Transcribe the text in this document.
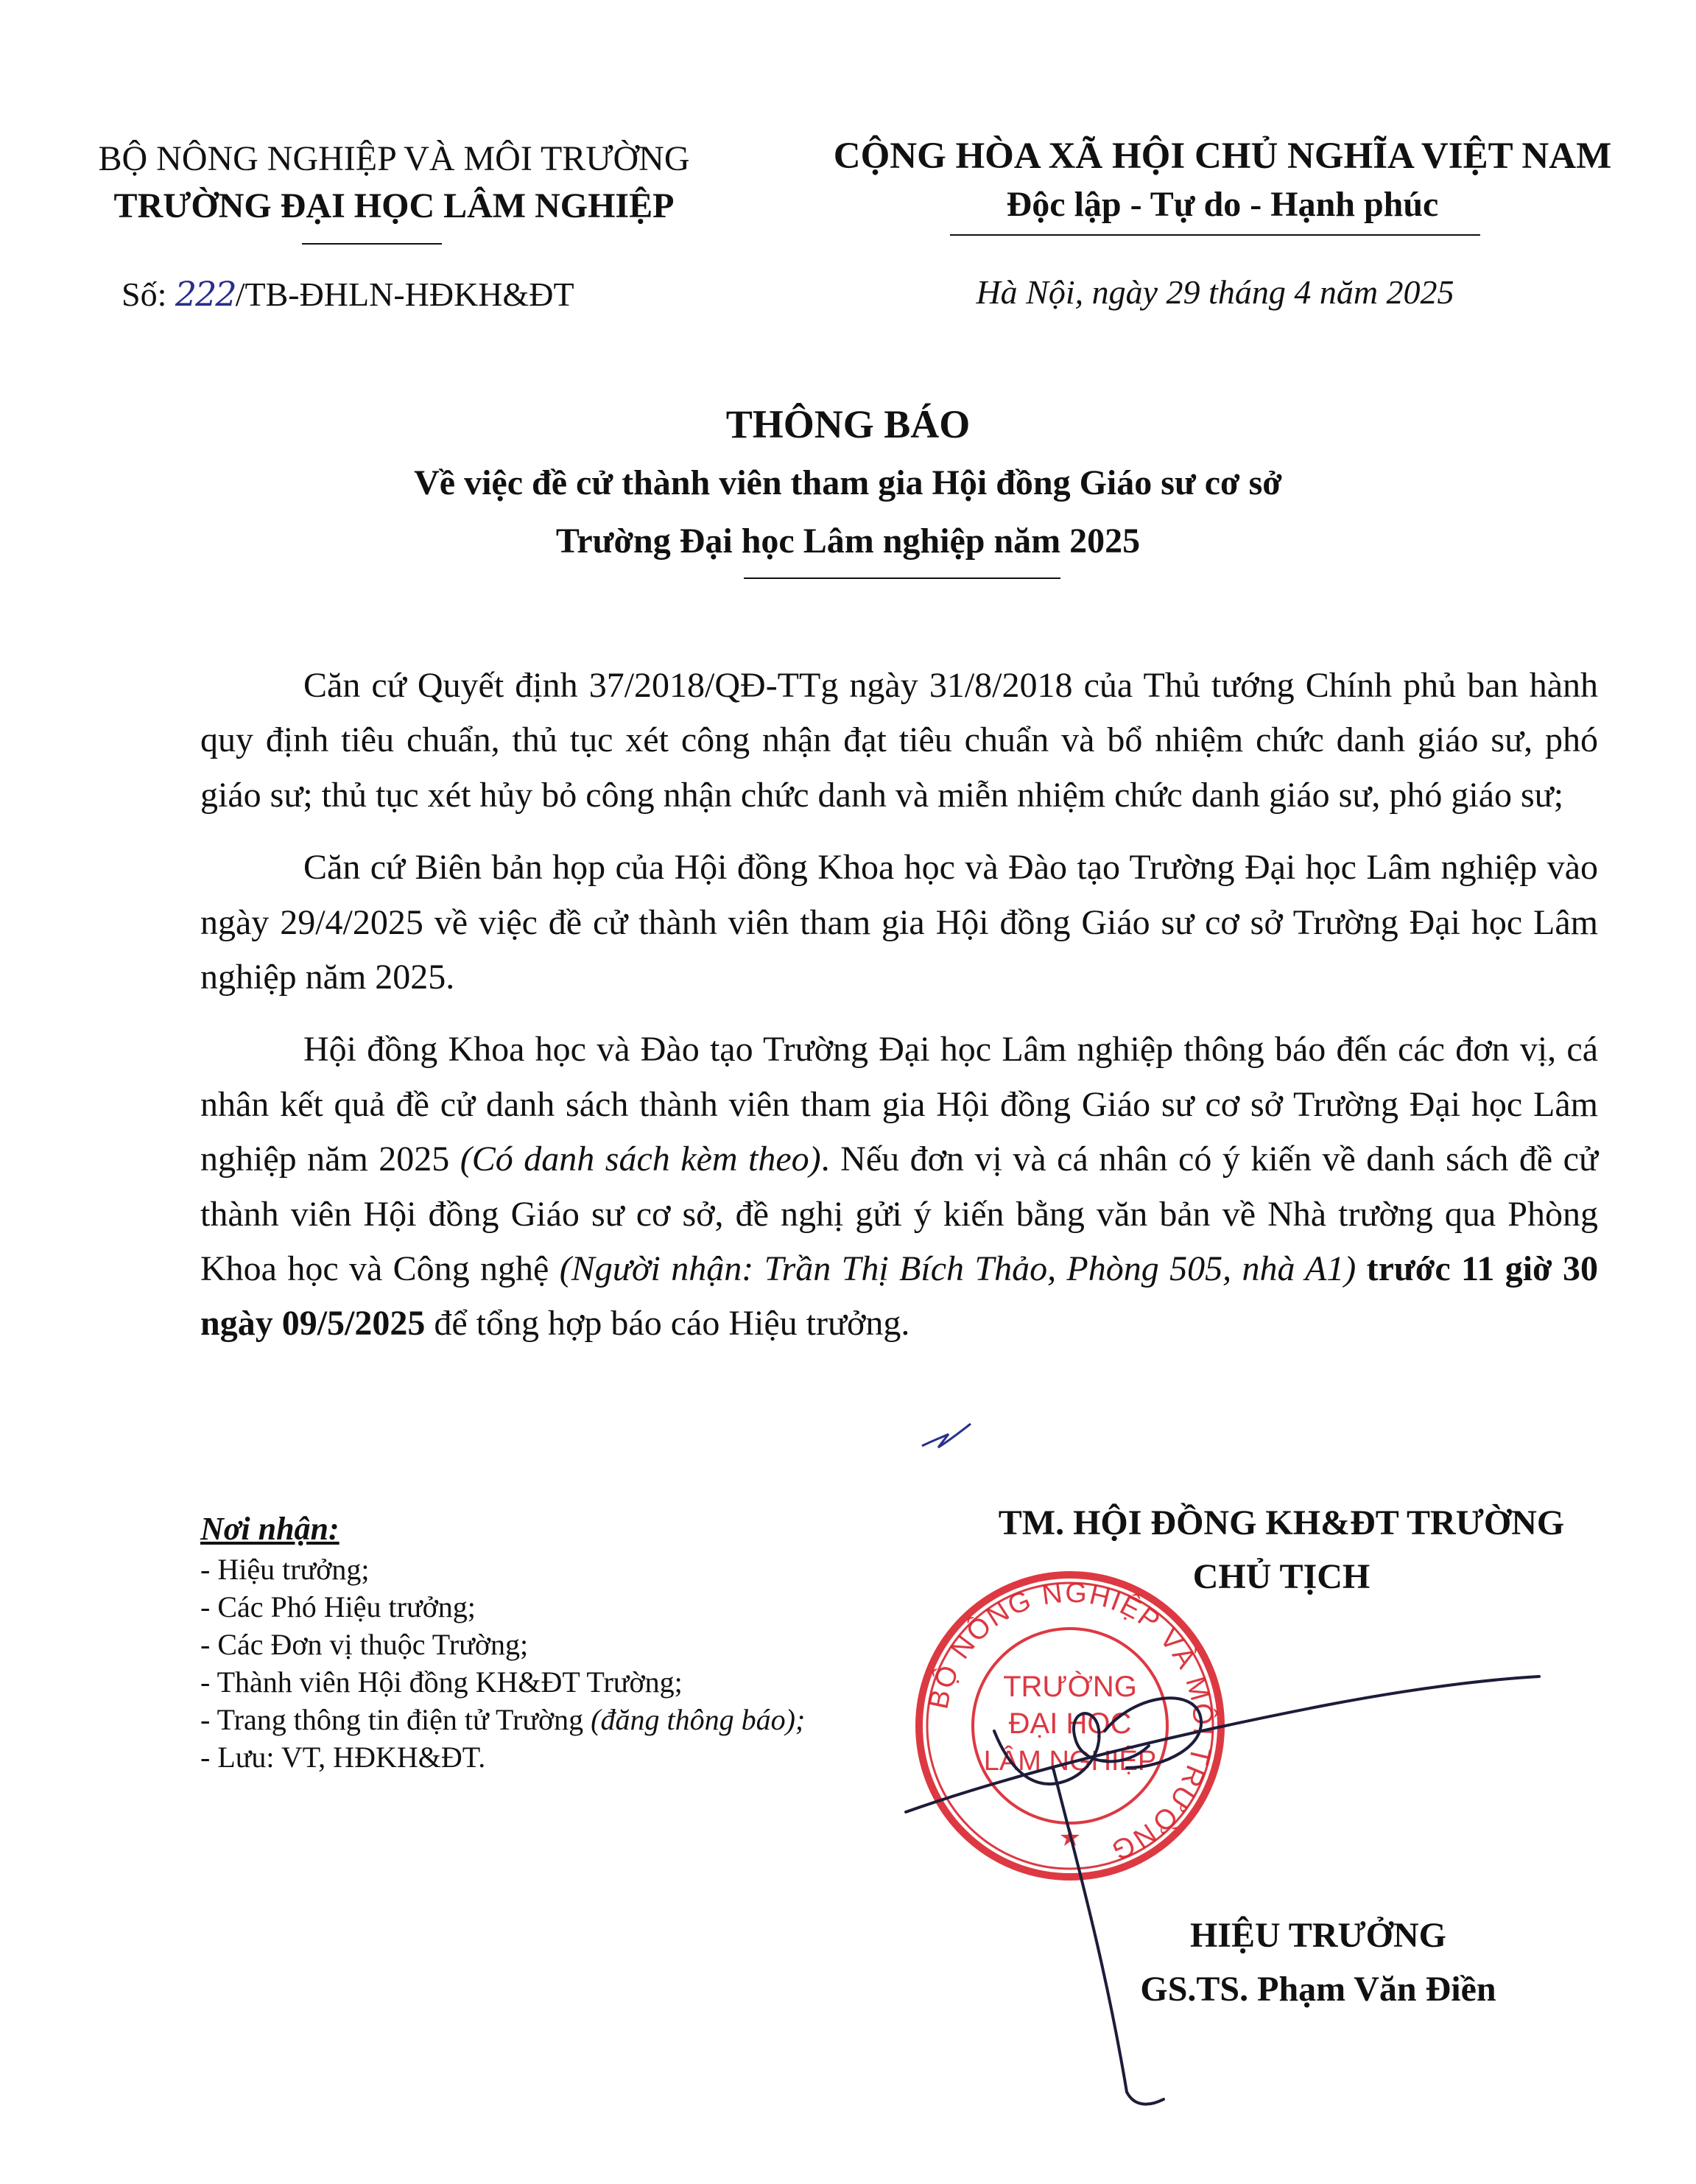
BỘ NÔNG NGHIỆP VÀ MÔI TRƯỜNG
TRƯỜNG ĐẠI HỌC LÂM NGHIỆP
CỘNG HÒA XÃ HỘI CHỦ NGHĨA VIỆT NAM
Độc lập - Tự do - Hạnh phúc
Số: 222/TB-ĐHLN-HĐKH&ĐT	Hà Nội, ngày 29 tháng 4 năm 2025
THÔNG BÁO
Về việc đề cử thành viên tham gia Hội đồng Giáo sư cơ sở
Trường Đại học Lâm nghiệp năm 2025

Căn cứ Quyết định 37/2018/QĐ-TTg ngày 31/8/2018 của Thủ tướng Chính phủ ban hành quy định tiêu chuẩn, thủ tục xét công nhận đạt tiêu chuẩn và bổ nhiệm chức danh giáo sư, phó giáo sư; thủ tục xét hủy bỏ công nhận chức danh và miễn nhiệm chức danh giáo sư, phó giáo sư;

Căn cứ Biên bản họp của Hội đồng Khoa học và Đào tạo Trường Đại học Lâm nghiệp vào ngày 29/4/2025 về việc đề cử thành viên tham gia Hội đồng Giáo sư cơ sở Trường Đại học Lâm nghiệp năm 2025.

Hội đồng Khoa học và Đào tạo Trường Đại học Lâm nghiệp thông báo đến các đơn vị, cá nhân kết quả đề cử danh sách thành viên tham gia Hội đồng Giáo sư cơ sở Trường Đại học Lâm nghiệp năm 2025 (Có danh sách kèm theo). Nếu đơn vị và cá nhân có ý kiến về danh sách đề cử thành viên Hội đồng Giáo sư cơ sở, đề nghị gửi ý kiến bằng văn bản về Nhà trường qua Phòng Khoa học và Công nghệ (Người nhận: Trần Thị Bích Thảo, Phòng 505, nhà A1) trước 11 giờ 30 ngày 09/5/2025 để tổng hợp báo cáo Hiệu trưởng.

Nơi nhận:
- Hiệu trưởng;
- Các Phó Hiệu trưởng;
- Các Đơn vị thuộc Trường;
- Thành viên Hội đồng KH&ĐT Trường;
- Trang thông tin điện tử Trường (đăng thông báo);
- Lưu: VT, HĐKH&ĐT.
TM. HỘI ĐỒNG KH&ĐT TRƯỜNG
CHỦ TỊCH
BỘ NÔNG NGHIỆP VÀ MÔI TRƯỜNG
TRƯỜNG
ĐẠI HỌC
LÂM NGHIỆP
★
HIỆU TRƯỞNG
GS.TS. Phạm Văn Điền
